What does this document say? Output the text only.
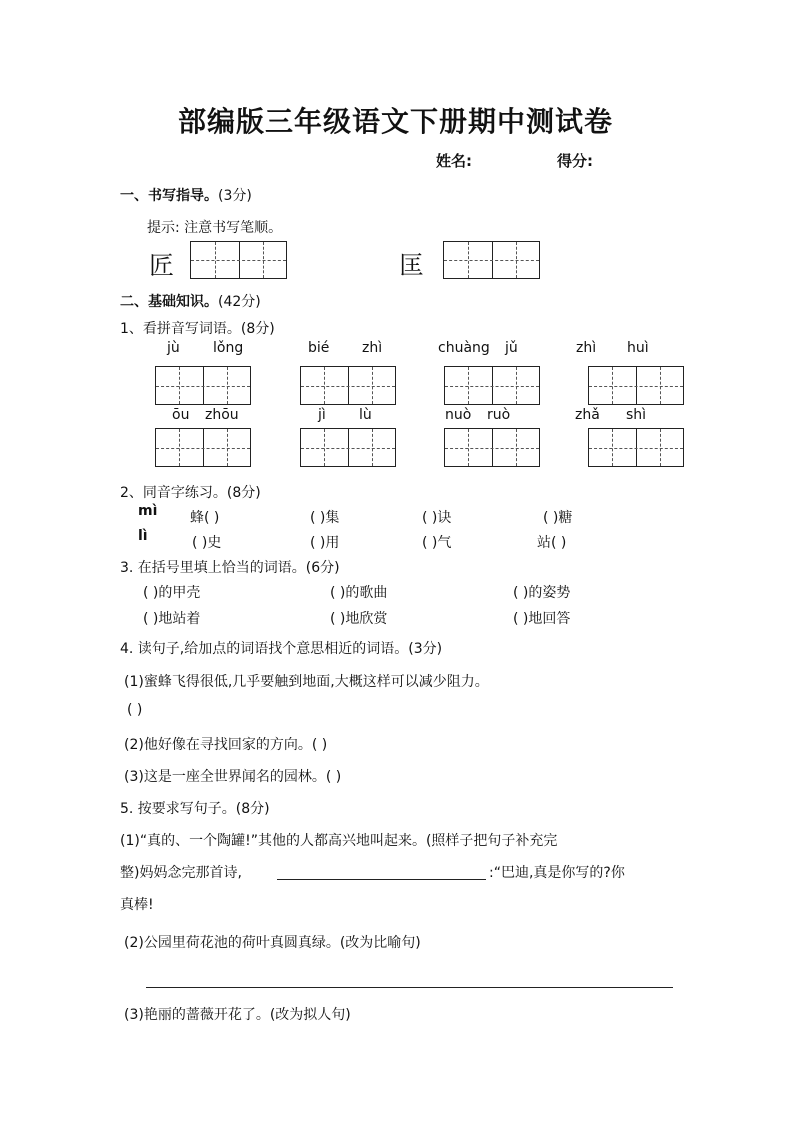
部编版三年级语文下册期中测试卷
姓名:	得分:
一、书写指导。(3分)
提示: 注意书写笔顺。
匠	匡
二、基础知识。(42分)
1、看拼音写词语。(8分)
jù lǒng	bié zhì	chuàng jǔ	zhì huì
ōu zhōu	jì lù	nuò ruò	zhǎ shì
2、同音字练习。(8分)
mì
lì
蜂( )	( )集	( )诀	( )糖
( )史	( )用	( )气	站( )
3. 在括号里填上恰当的词语。(6分)
( )的甲壳	( )的歌曲	( )的姿势
( )地站着	( )地欣赏	( )地回答
4. 读句子,给加点的词语找个意思相近的词语。(3分)
(1)蜜蜂飞得很低,几乎要触到地面,大概这样可以减少阻力。
( )
(2)他好像在寻找回家的方向。( )
(3)这是一座全世界闻名的园林。( )
5. 按要求写句子。(8分)
(1)“真的、一个陶罐!”其他的人都高兴地叫起来。(照样子把句子补充完
整)妈妈念完那首诗,	:“巴迪,真是你写的?你
真棒!
(2)公园里荷花池的荷叶真圆真绿。(改为比喻句)
(3)艳丽的蔷薇开花了。(改为拟人句)
